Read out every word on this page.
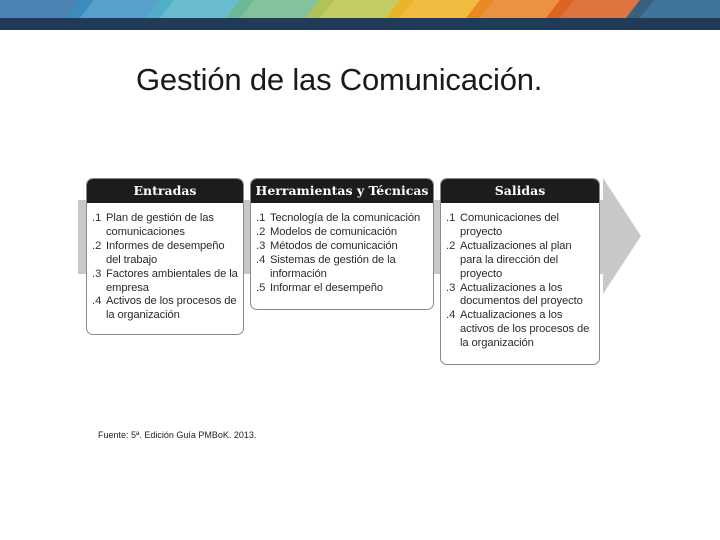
Gestión de las Comunicación.
Entradas
.1 Plan de gestión de las comunicaciones
.2 Informes de desempeño del trabajo
.3 Factores ambientales de la empresa
.4 Activos de los procesos de la organización
Herramientas y Técnicas
.1 Tecnología de la comunicación
.2 Modelos de comunicación
.3 Métodos de comunicación
.4 Sistemas de gestión de la información
.5 Informar el desempeño
Salidas
.1 Comunicaciones del proyecto
.2 Actualizaciones al plan para la dirección del proyecto
.3 Actualizaciones a los documentos del proyecto
.4 Actualizaciones a los activos de los procesos de la organización
Fuente: 5ª. Edición Guía PMBoK. 2013.
